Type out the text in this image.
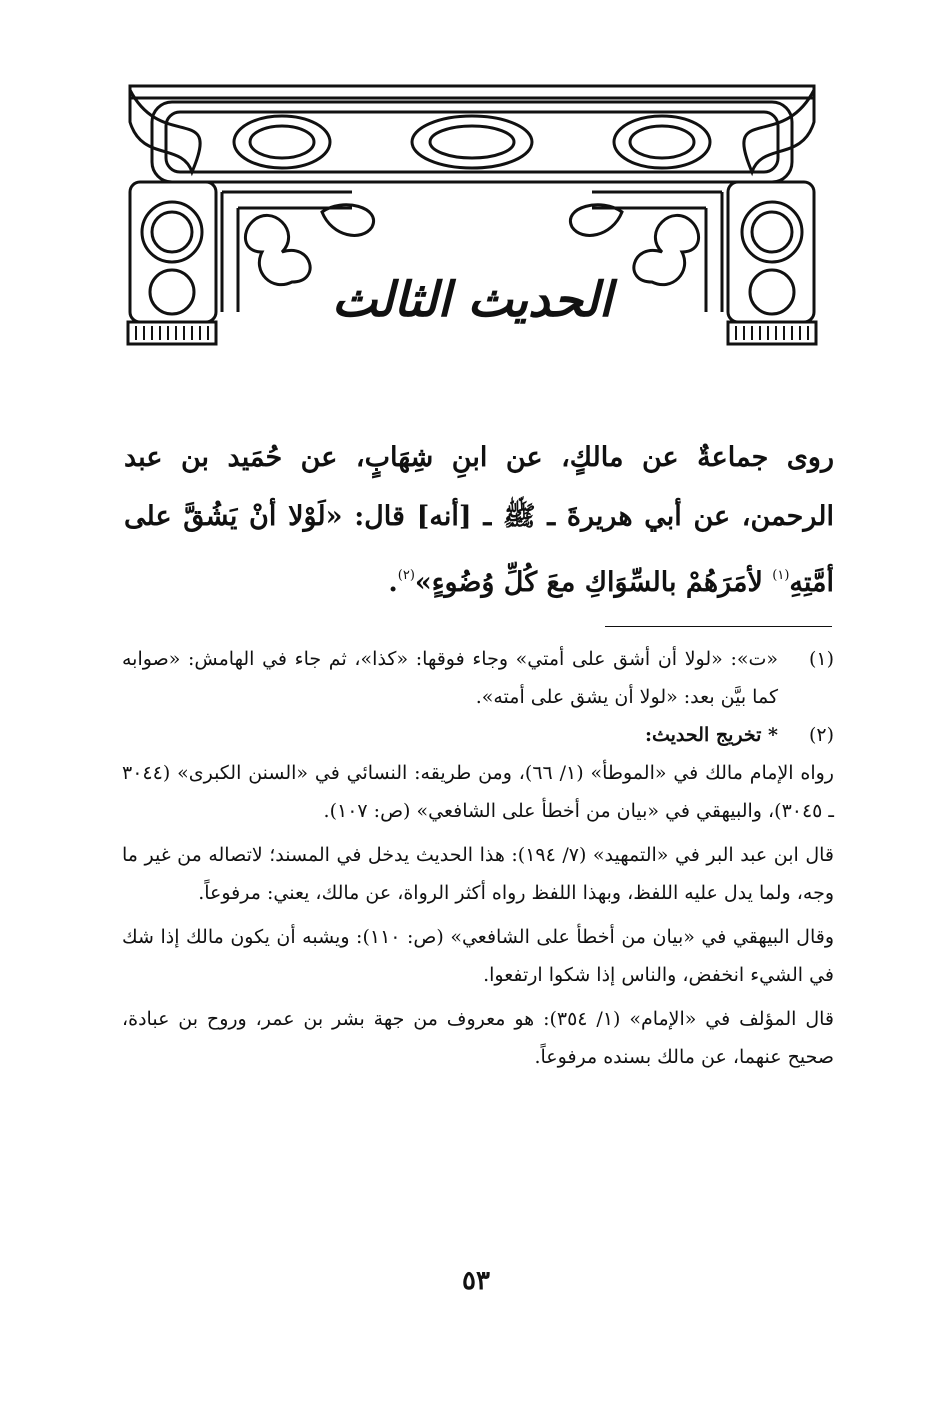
الحديث الثالث

روى جماعةٌ عن مالكٍ، عن ابنِ شِهَابٍ، عن حُمَيد بن عبد الرحمن، عن أبي هريرةَ ـ ﷺ ـ [أنه] قال: «لَوْلا أنْ يَشُقَّ على أمَّتِهِ$^{(١)}$ لأمَرَهُمْ بالسِّوَاكِ معَ كُلِّ وُضُوءٍ»$^{(٢)}$.

(١)
«ت»: «لولا أن أشق على أمتي» وجاء فوقها: «كذا»، ثم جاء في الهامش: «صوابه كما بيَّن بعد: «لولا أن يشق على أمته».
(٢)
* تخريج الحديث:

رواه الإمام مالك في «الموطأ» (١/ ٦٦)، ومن طريقه: النسائي في «السنن الكبرى» (٣٠٤٤ ـ ٣٠٤٥)، والبيهقي في «بيان من أخطأ على الشافعي» (ص: ١٠٧).

قال ابن عبد البر في «التمهيد» (٧/ ١٩٤): هذا الحديث يدخل في المسند؛ لاتصاله من غير ما وجه، ولما يدل عليه اللفظ، وبهذا اللفظ رواه أكثر الرواة، عن مالك، يعني: مرفوعاً.

وقال البيهقي في «بيان من أخطأ على الشافعي» (ص: ١١٠): ويشبه أن يكون مالك إذا شك في الشيء انخفض، والناس إذا شكوا ارتفعوا.

قال المؤلف في «الإمام» (١/ ٣٥٤): هو معروف من جهة بشر بن عمر، وروح بن عبادة، صحيح عنهما، عن مالك بسنده مرفوعاً.

٥٣
